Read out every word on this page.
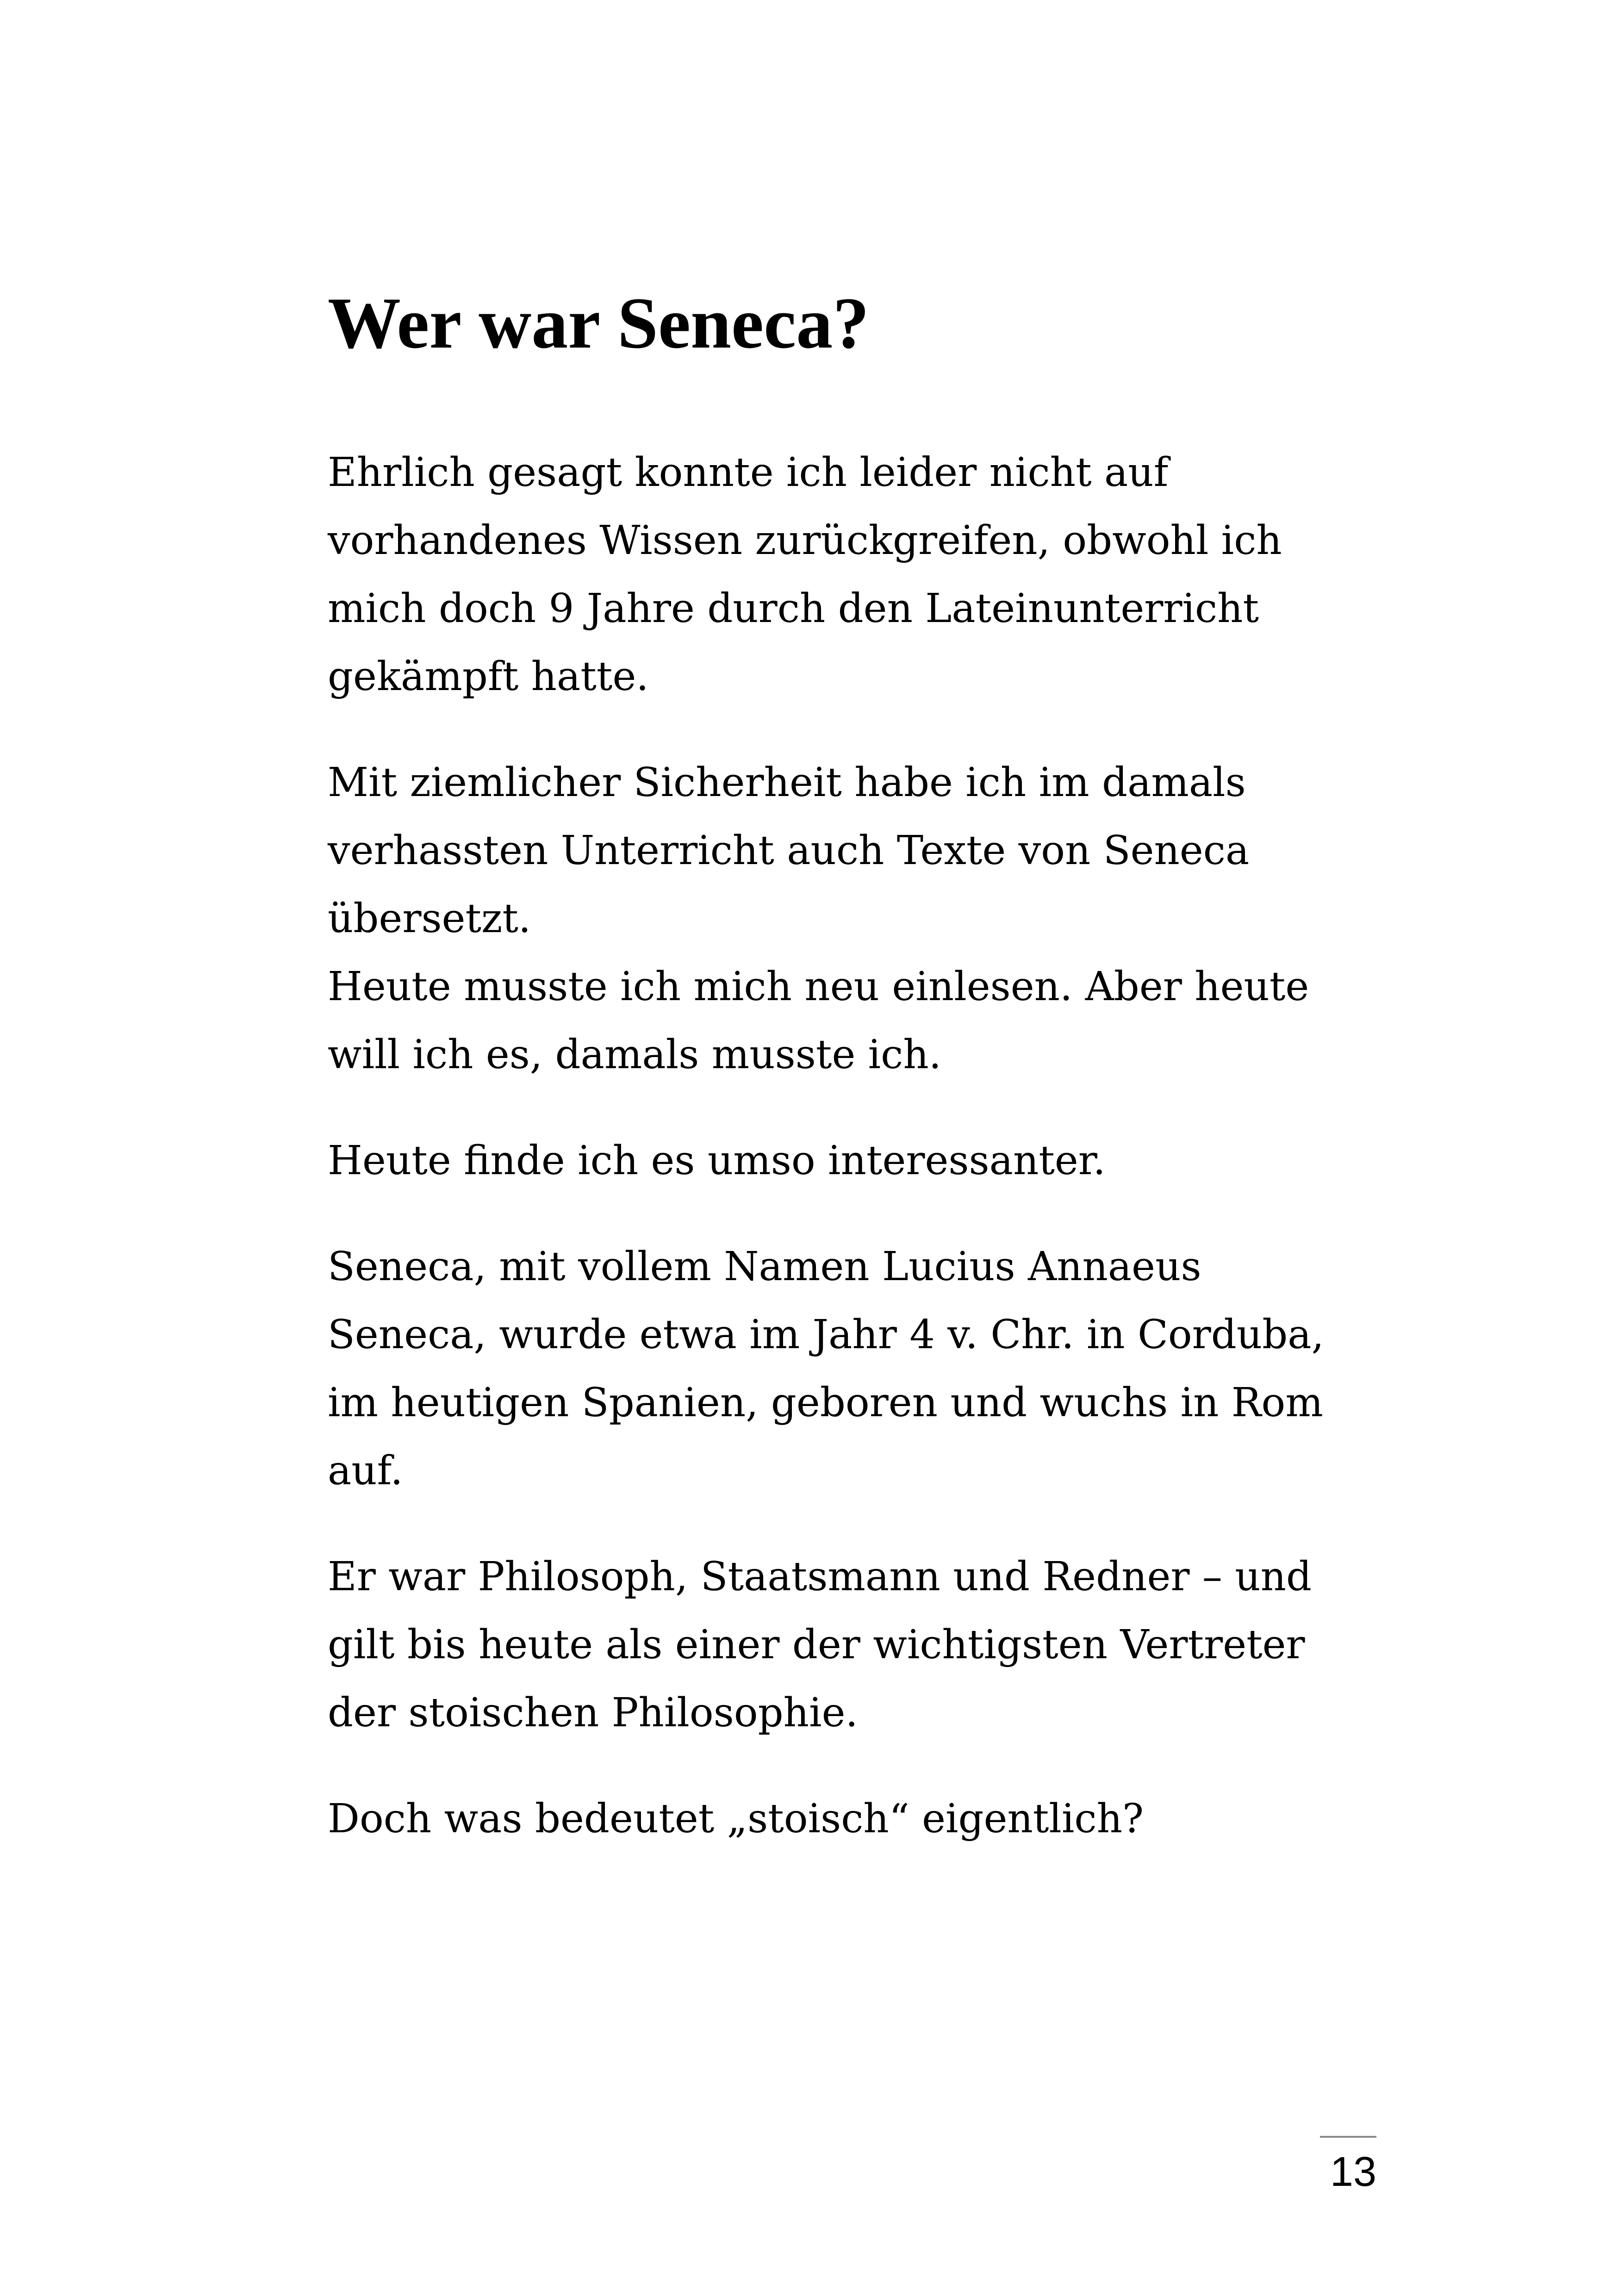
Wer war Seneca?

Ehrlich gesagt konnte ich leider nicht auf
vorhandenes Wissen zurückgreifen, obwohl ich
mich doch 9 Jahre durch den Lateinunterricht
gekämpft hatte.

Mit ziemlicher Sicherheit habe ich im damals
verhassten Unterricht auch Texte von Seneca
übersetzt.
Heute musste ich mich neu einlesen. Aber heute
will ich es, damals musste ich.

Heute finde ich es umso interessanter.

Seneca, mit vollem Namen Lucius Annaeus
Seneca, wurde etwa im Jahr 4 v. Chr. in Corduba,
im heutigen Spanien, geboren und wuchs in Rom
auf.

Er war Philosoph, Staatsmann und Redner – und
gilt bis heute als einer der wichtigsten Vertreter
der stoischen Philosophie.

Doch was bedeutet „stoisch“ eigentlich?

13
